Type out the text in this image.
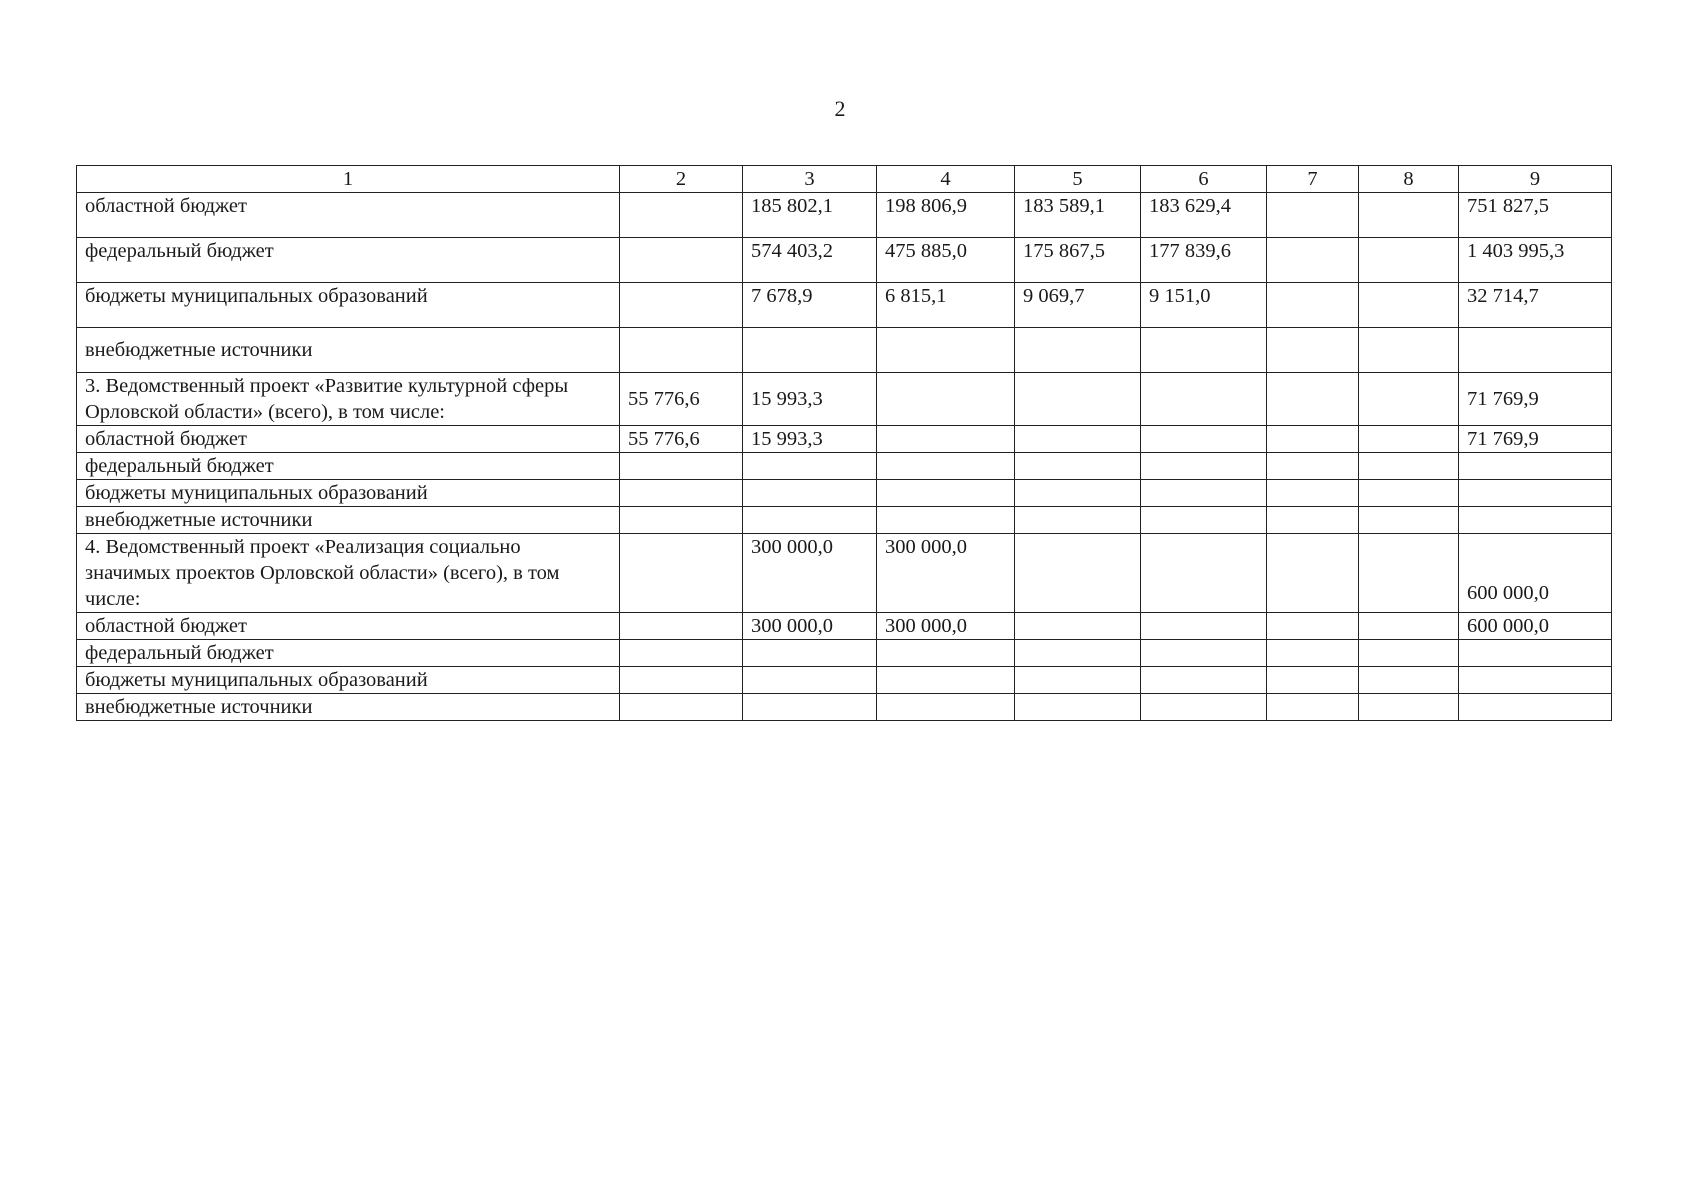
2
1	2	3	4	5	6	7	8	9
областной бюджет		185 802,1	198 806,9	183 589,1	183 629,4			751 827,5
федеральный бюджет		574 403,2	475 885,0	175 867,5	177 839,6			1 403 995,3
бюджеты муниципальных образований		7 678,9	6 815,1	9 069,7	9 151,0			32 714,7
внебюджетные источники								
3. Ведомственный проект «Развитие культурной сферы Орловской области» (всего), в том числе:	55 776,6	15 993,3						71 769,9
областной бюджет	55 776,6	15 993,3						71 769,9
федеральный бюджет								
бюджеты муниципальных образований								
внебюджетные источники								
4. Ведомственный проект «Реализация социально значимых проектов Орловской области» (всего), в том числе:		300 000,0	300 000,0					600 000,0
областной бюджет		300 000,0	300 000,0					600 000,0
федеральный бюджет								
бюджеты муниципальных образований								
внебюджетные источники								
